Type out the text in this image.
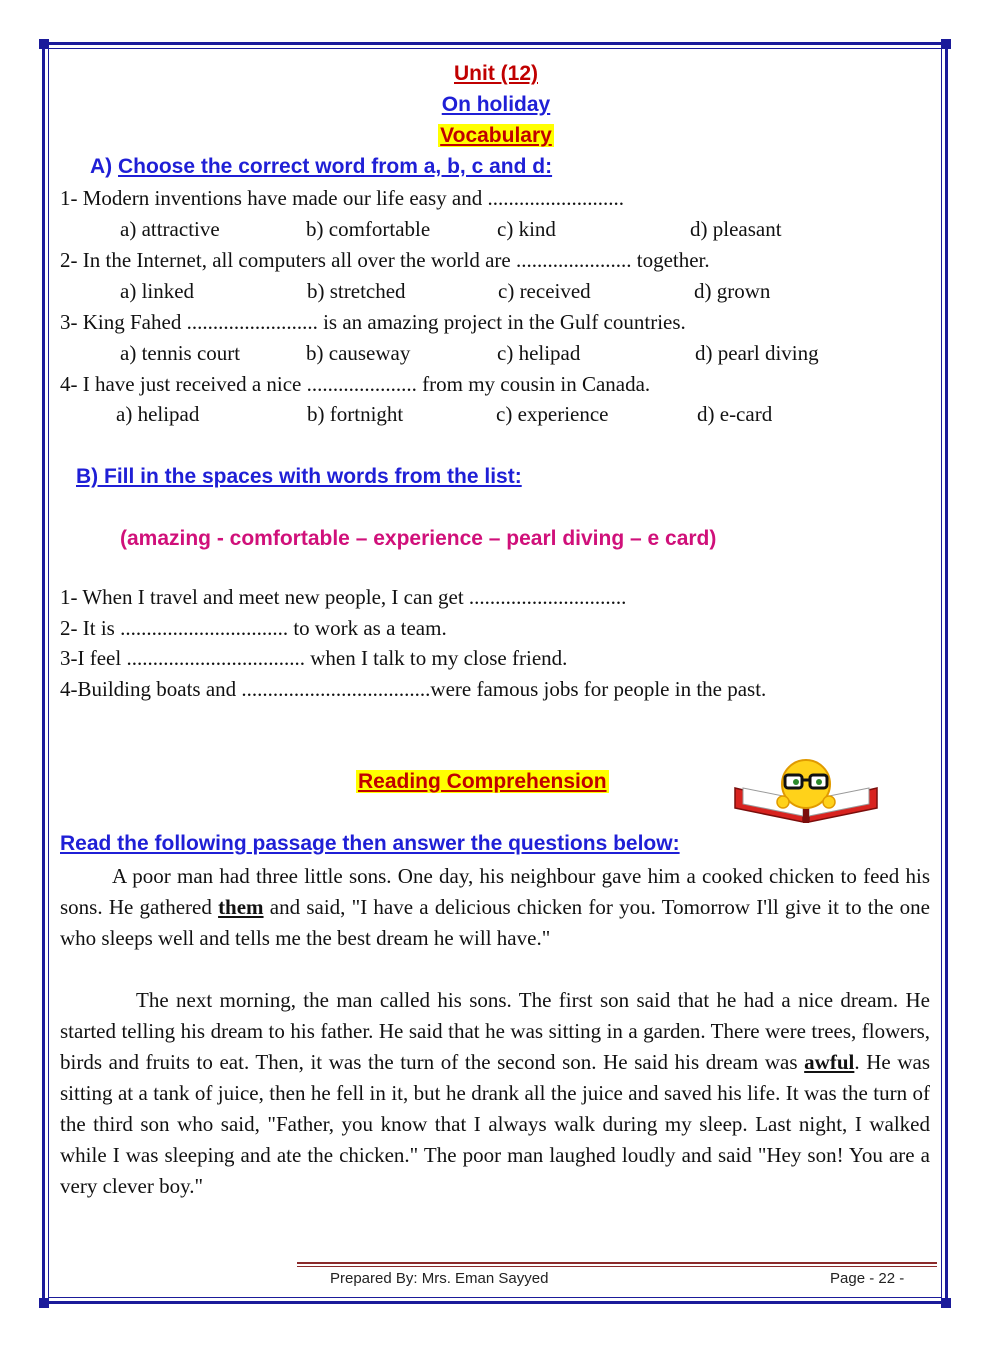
Unit (12)
On holiday
Vocabulary
A) Choose the correct word from a, b, c and d:
1- Modern inventions have made our life easy and ..........................
a) attractive	b) comfortable	c) kind	d) pleasant
2- In the Internet, all computers all over the world are ...................... together.
a) linked	b) stretched	c) received	d) grown
3- King Fahed ......................... is an amazing project in the Gulf countries.
a) tennis court	b) causeway	c) helipad	d) pearl diving
4- I have just received a nice ..................... from my cousin in Canada.
a) helipad	b) fortnight	c) experience	d) e-card
B) Fill in the spaces with words from the list:
(amazing - comfortable – experience – pearl diving – e card)
1- When I travel and meet new people, I can get ..............................
2- It is ................................ to work as a team.
3-I feel .................................. when I talk to my close friend.
4-Building boats and ....................................were famous jobs for people in the past.
Reading Comprehension
Read the following passage then answer the questions below:
A poor man had three little sons. One day, his neighbour gave him a cooked chicken to feed his sons. He gathered them and said, "I have a delicious chicken for you. Tomorrow I'll give it to the one who sleeps well and tells me the best dream he will have."
The next morning, the man called his sons. The first son said that he had a nice dream. He started telling his dream to his father. He said that he was sitting in a garden. There were trees, flowers, birds and fruits to eat. Then, it was the turn of the second son. He said his dream was awful. He was sitting at a tank of juice, then he fell in it, but he drank all the juice and saved his life. It was the turn of the third son who said, "Father, you know that I always walk during my sleep. Last night, I walked while I was sleeping and ate the chicken." The poor man laughed loudly and said "Hey son! You are a very clever boy."
Prepared By: Mrs. Eman Sayyed	Page - 22 -
